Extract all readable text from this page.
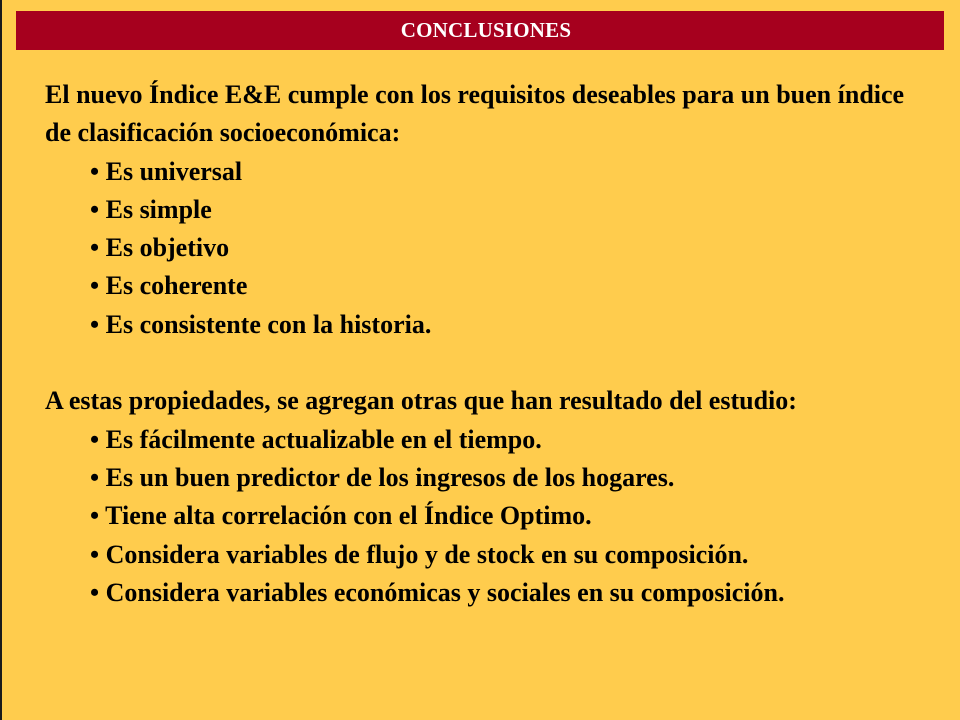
CONCLUSIONES

El nuevo Índice E&E cumple con los requisitos deseables para un buen índice de clasificación socioeconómica:

• Es universal

• Es simple

• Es objetivo

• Es coherente

• Es consistente con la historia.

A estas propiedades, se agregan otras que han resultado del estudio:

• Es fácilmente actualizable en el tiempo.

• Es un buen predictor de los ingresos de los hogares.

• Tiene alta correlación con el Índice Optimo.

• Considera variables de flujo y de stock en su composición.

• Considera variables económicas y sociales en su composición.
